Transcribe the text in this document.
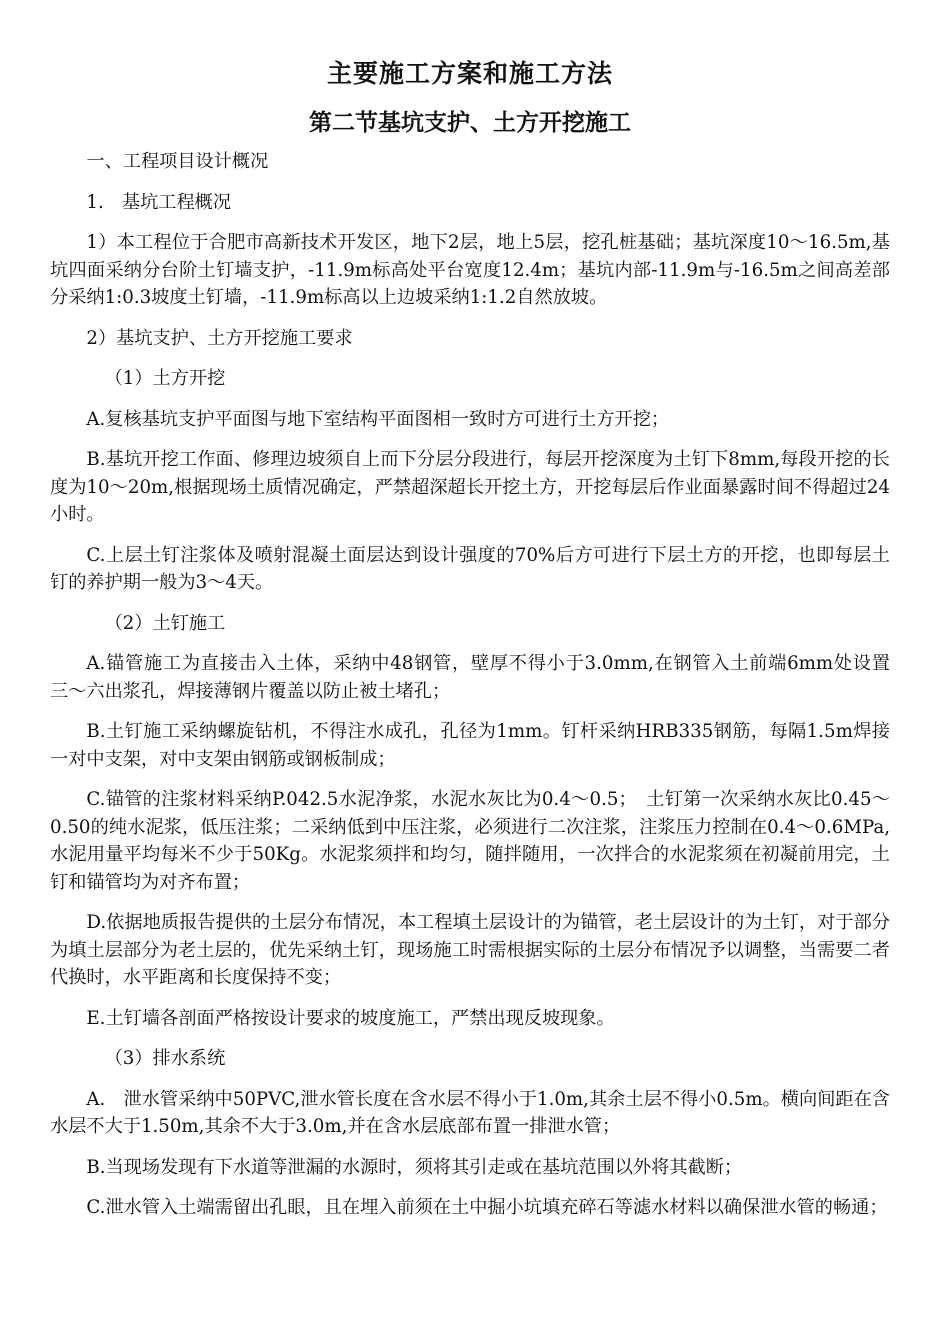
主要施工方案和施工方法
第二节基坑支护、土方开挖施工

一、工程项目设计概况

1.　基坑工程概况

1）本工程位于合肥市高新技术开发区，地下2层，地上5层，挖孔桩基础；基坑深度10〜16.5m,基坑四面采纳分台阶土钉墙支护，-11.9m标高处平台宽度12.4m；基坑内部-11.9m与-16.5m之间高差部分采纳1:0.3坡度土钉墙，-11.9m标高以上边坡采纳1:1.2自然放坡。

2）基坑支护、土方开挖施工要求

（1）土方开挖

A.复核基坑支护平面图与地下室结构平面图相一致时方可进行土方开挖；

B.基坑开挖工作面、修理边坡须自上而下分层分段进行，每层开挖深度为土钉下8mm,每段开挖的长度为10〜20m,根据现场土质情况确定，严禁超深超长开挖土方，开挖每层后作业面暴露时间不得超过24小时。

C.上层土钉注浆体及喷射混凝土面层达到设计强度的70%后方可进行下层土方的开挖，也即每层土钉的养护期一般为3〜4天。

（2）土钉施工

A.锚管施工为直接击入土体，采纳中48钢管，壁厚不得小于3.0mm,在钢管入土前端6mm处设置三〜六出浆孔，焊接薄钢片覆盖以防止被土堵孔；

B.土钉施工采纳螺旋钻机，不得注水成孔，孔径为1mm。钉杆采纳HRB335钢筋，每隔1.5m焊接一对中支架，对中支架由钢筋或钢板制成；

C.锚管的注浆材料采纳P.042.5水泥净浆，水泥水灰比为0.4〜0.5；　土钉第一次采纳水灰比0.45〜0.50的纯水泥浆，低压注浆；二采纳低到中压注浆，必须进行二次注浆，注浆压力控制在0.4〜0.6MPa,水泥用量平均每米不少于50Kg。水泥浆须拌和均匀，随拌随用，一次拌合的水泥浆须在初凝前用完，土钉和锚管均为对齐布置；

D.依据地质报告提供的土层分布情况，本工程填土层设计的为锚管，老土层设计的为土钉，对于部分为填土层部分为老土层的，优先采纳土钉，现场施工时需根据实际的土层分布情况予以调整，当需要二者代换时，水平距离和长度保持不变；

E.土钉墙各剖面严格按设计要求的坡度施工，严禁出现反坡现象。

（3）排水系统

A.　泄水管采纳中50PVC,泄水管长度在含水层不得小于1.0m,其余土层不得小0.5m。横向间距在含水层不大于1.50m,其余不大于3.0m,并在含水层底部布置一排泄水管；

B.当现场发现有下水道等泄漏的水源时，须将其引走或在基坑范围以外将其截断；

C.泄水管入土端需留出孔眼，且在埋入前须在土中掘小坑填充碎石等滤水材料以确保泄水管的畅通；
